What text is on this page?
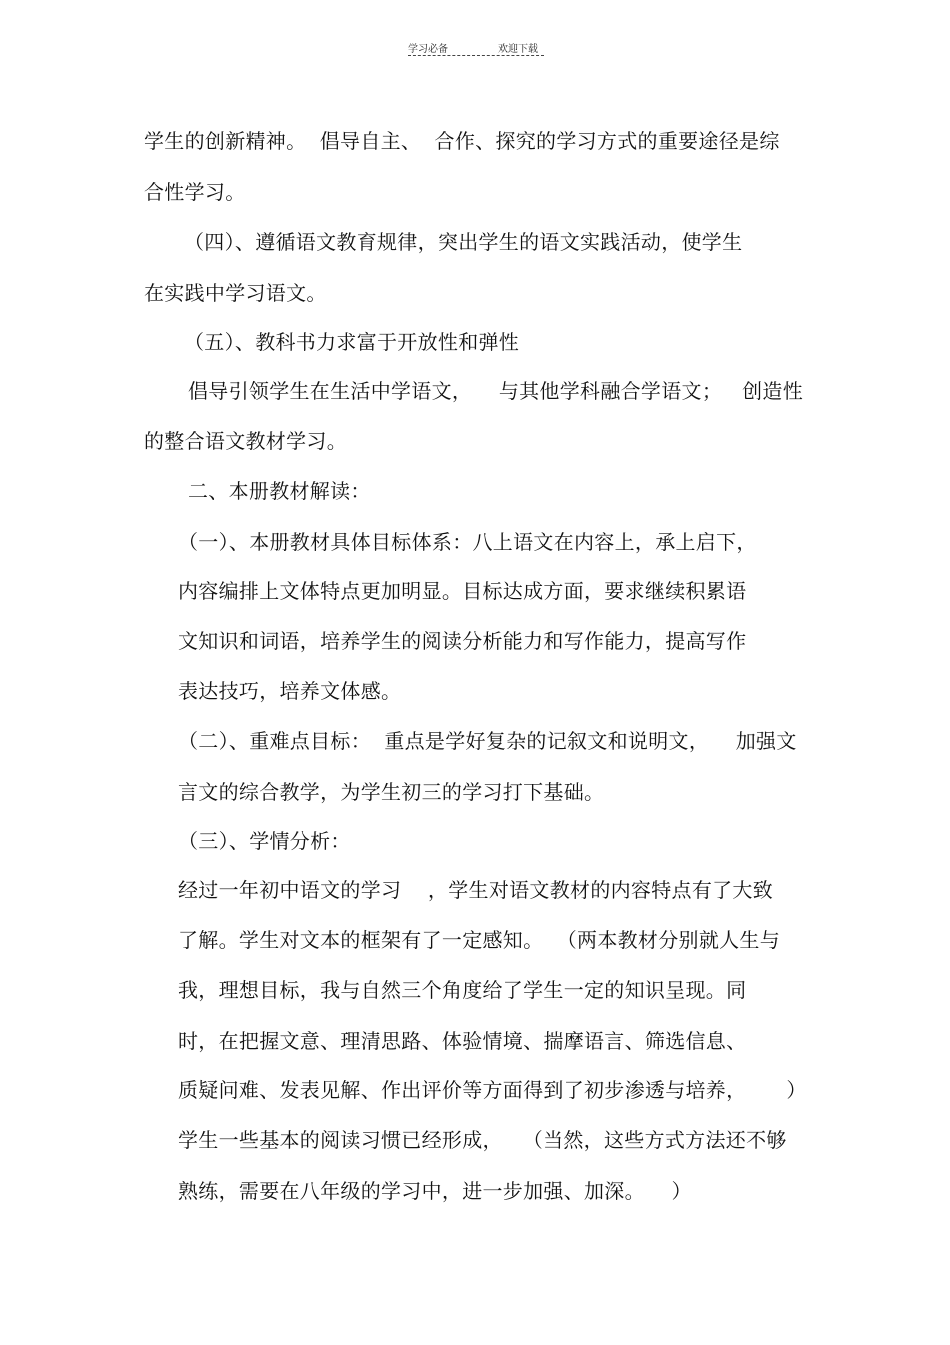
学习必备	欢迎下载
学生的创新精神。  倡导自主、  合作、探究的学习方式的重要途径是综
合性学习。
（四）、遵循语文教育规律，突出学生的语文实践活动，使学生
在实践中学习语文。
（五）、教科书力求富于开放性和弹性
倡导引领学生在生活中学语文，    与其他学科融合学语文；   创造性
的整合语文教材学习。
二、本册教材解读：
（一）、本册教材具体目标体系：八上语文在内容上，承上启下，
内容编排上文体特点更加明显。目标达成方面，要求继续积累语
文知识和词语，培养学生的阅读分析能力和写作能力，提高写作
表达技巧，培养文体感。
（二）、重难点目标：  重点是学好复杂的记叙文和说明文，    加强文
言文的综合教学，为学生初三的学习打下基础。
（三）、学情分析：
经过一年初中语文的学习    ，学生对语文教材的内容特点有了大致
了解。学生对文本的框架有了一定感知。  （两本教材分别就人生与
我，理想目标，我与自然三个角度给了学生一定的知识呈现。同
时，在把握文意、理清思路、体验情境、揣摩语言、筛选信息、
质疑问难、发表见解、作出评价等方面得到了初步渗透与培养，      ）
学生一些基本的阅读习惯已经形成，   （当然，这些方式方法还不够
熟练，需要在八年级的学习中，进一步加强、加深。    ）
